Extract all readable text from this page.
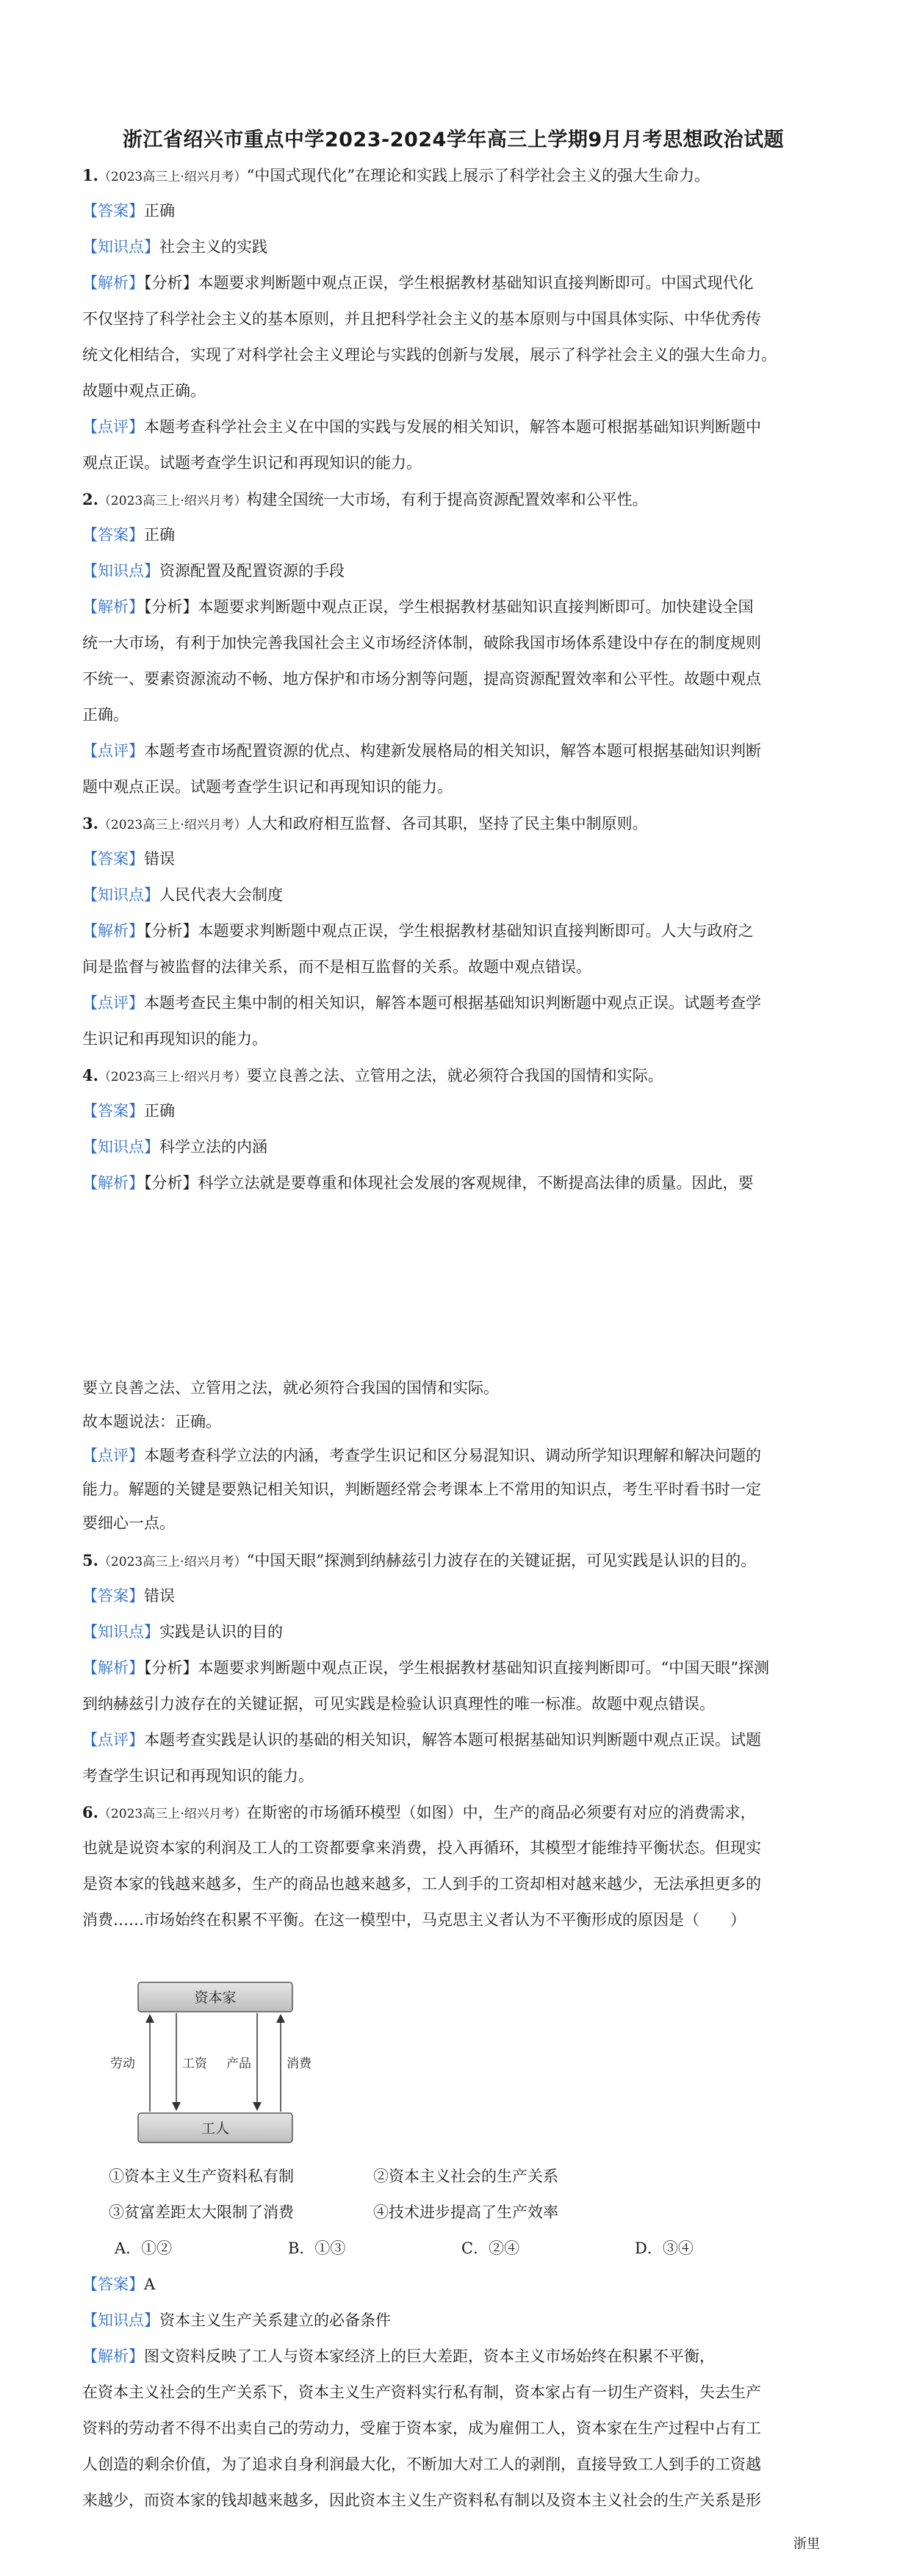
浙江省绍兴市重点中学2023-2024学年高三上学期9月月考思想政治试题
1.（2023高三上·绍兴月考）“中国式现代化”在理论和实践上展示了科学社会主义的强大生命力。
【答案】正确
【知识点】社会主义的实践
【解析】【分析】本题要求判断题中观点正误，学生根据教材基础知识直接判断即可。中国式现代化
不仅坚持了科学社会主义的基本原则，并且把科学社会主义的基本原则与中国具体实际、中华优秀传
统文化相结合，实现了对科学社会主义理论与实践的创新与发展，展示了科学社会主义的强大生命力。
故题中观点正确。
【点评】本题考查科学社会主义在中国的实践与发展的相关知识，解答本题可根据基础知识判断题中
观点正误。试题考查学生识记和再现知识的能力。
2.（2023高三上·绍兴月考）构建全国统一大市场，有利于提高资源配置效率和公平性。
【答案】正确
【知识点】资源配置及配置资源的手段
【解析】【分析】本题要求判断题中观点正误，学生根据教材基础知识直接判断即可。加快建设全国
统一大市场，有利于加快完善我国社会主义市场经济体制，破除我国市场体系建设中存在的制度规则
不统一、要素资源流动不畅、地方保护和市场分割等问题，提高资源配置效率和公平性。故题中观点
正确。
【点评】本题考查市场配置资源的优点、构建新发展格局的相关知识，解答本题可根据基础知识判断
题中观点正误。试题考查学生识记和再现知识的能力。
3.（2023高三上·绍兴月考）人大和政府相互监督、各司其职，坚持了民主集中制原则。
【答案】错误
【知识点】人民代表大会制度
【解析】【分析】本题要求判断题中观点正误，学生根据教材基础知识直接判断即可。人大与政府之
间是监督与被监督的法律关系，而不是相互监督的关系。故题中观点错误。
【点评】本题考查民主集中制的相关知识，解答本题可根据基础知识判断题中观点正误。试题考查学
生识记和再现知识的能力。
4.（2023高三上·绍兴月考）要立良善之法、立管用之法，就必须符合我国的国情和实际。
【答案】正确
【知识点】科学立法的内涵
【解析】【分析】科学立法就是要尊重和体现社会发展的客观规律，不断提高法律的质量。因此，要
要立良善之法、立管用之法，就必须符合我国的国情和实际。
故本题说法：正确。
【点评】本题考查科学立法的内涵，考查学生识记和区分易混知识、调动所学知识理解和解决问题的
能力。解题的关键是要熟记相关知识，判断题经常会考课本上不常用的知识点，考生平时看书时一定
要细心一点。
5.（2023高三上·绍兴月考）“中国天眼”探测到纳赫兹引力波存在的关键证据，可见实践是认识的目的。
【答案】错误
【知识点】实践是认识的目的
【解析】【分析】本题要求判断题中观点正误，学生根据教材基础知识直接判断即可。“中国天眼”探测
到纳赫兹引力波存在的关键证据，可见实践是检验认识真理性的唯一标准。故题中观点错误。
【点评】本题考查实践是认识的基础的相关知识，解答本题可根据基础知识判断题中观点正误。试题
考查学生识记和再现知识的能力。
6.（2023高三上·绍兴月考）在斯密的市场循环模型（如图）中，生产的商品必须要有对应的消费需求，
也就是说资本家的利润及工人的工资都要拿来消费，投入再循环，其模型才能维持平衡状态。但现实
是资本家的钱越来越多，生产的商品也越来越多，工人到手的工资却相对越来越少，无法承担更多的
消费……市场始终在积累不平衡。在这一模型中，马克思主义者认为不平衡形成的原因是（　　）
资本家
工人
劳动	工资 产品	消费
①资本主义生产资料私有制	②资本主义社会的生产关系
③贫富差距太大限制了消费	④技术进步提高了生产效率
A．①②	B．①③	C．②④	D．③④
【答案】A
【知识点】资本主义生产关系建立的必备条件
【解析】图文资料反映了工人与资本家经济上的巨大差距，资本主义市场始终在积累不平衡，
在资本主义社会的生产关系下，资本主义生产资料实行私有制，资本家占有一切生产资料，失去生产
资料的劳动者不得不出卖自己的劳动力，受雇于资本家，成为雇佣工人，资本家在生产过程中占有工
人创造的剩余价值，为了追求自身利润最大化，不断加大对工人的剥削，直接导致工人到手的工资越
来越少，而资本家的钱却越来越多，因此资本主义生产资料私有制以及资本主义社会的生产关系是形
浙里
